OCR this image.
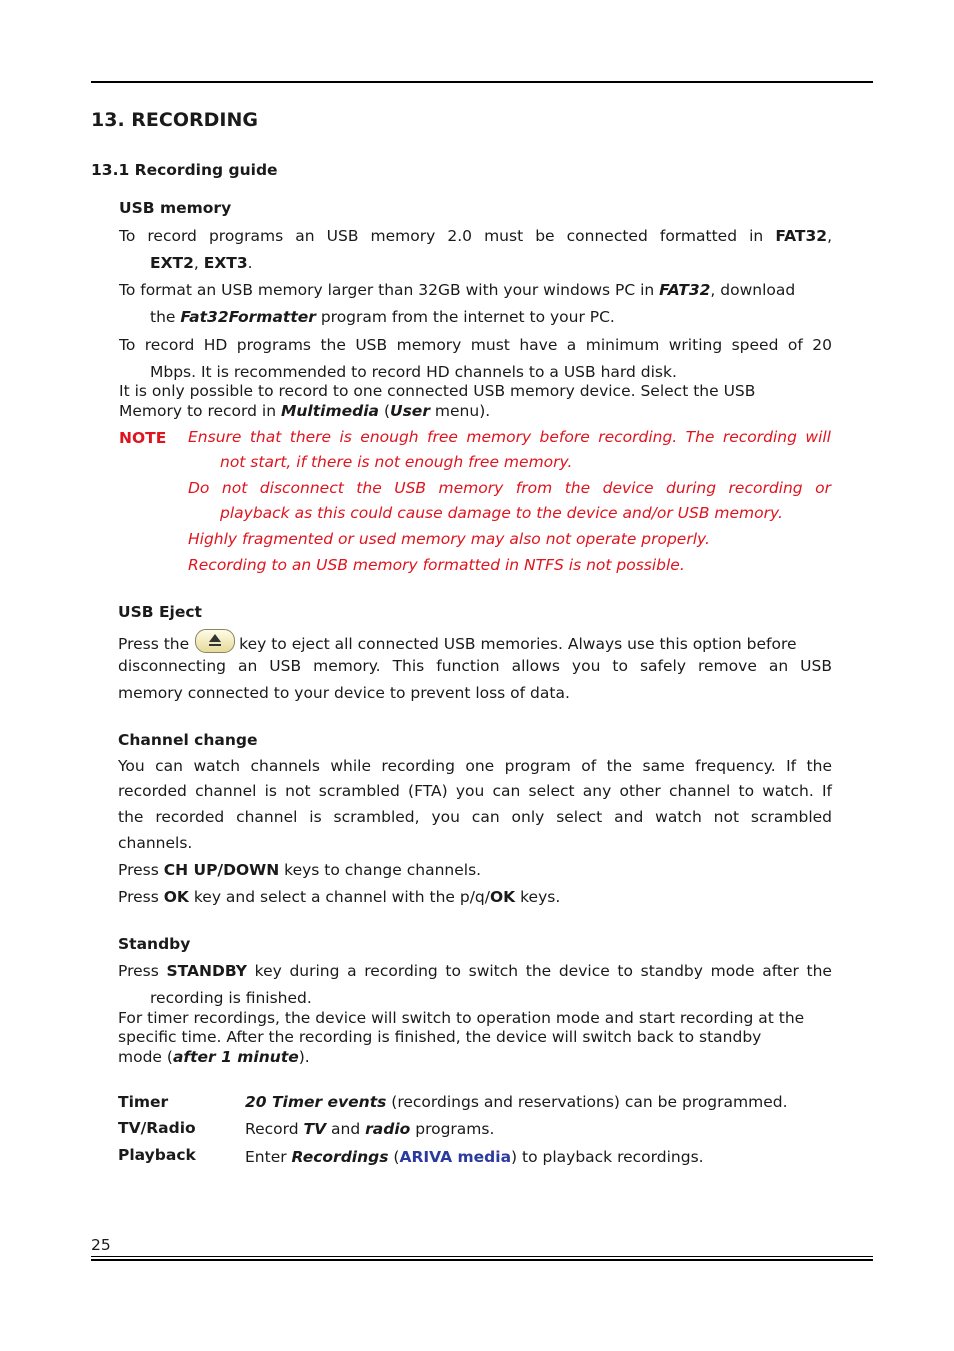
13. RECORDING
13.1 Recording guide
USB memory
To record programs an USB memory 2.0 must be connected formatted in FAT32,
EXT2, EXT3.
To format an USB memory larger than 32GB with your windows PC in FAT32, download
the Fat32Formatter program from the internet to your PC.
To record HD programs the USB memory must have a minimum writing speed of 20
Mbps. It is recommended to record HD channels to a USB hard disk.
It is only possible to record to one connected USB memory device. Select the USB
Memory to record in Multimedia (User menu).
NOTE Ensure that there is enough free memory before recording. The recording will
not start, if there is not enough free memory.
Do not disconnect the USB memory from the device during recording or
playback as this could cause damage to the device and/or USB memory.
Highly fragmented or used memory may also not operate properly.
Recording to an USB memory formatted in NTFS is not possible.
USB Eject
Press the	key to eject all connected USB memories. Always use this option before
disconnecting an USB memory. This function allows you to safely remove an USB
memory connected to your device to prevent loss of data.
Channel change
You can watch channels while recording one program of the same frequency. If the
recorded channel is not scrambled (FTA) you can select any other channel to watch. If
the recorded channel is scrambled, you can only select and watch not scrambled
channels.
Press CH UP/DOWN keys to change channels.
Press OK key and select a channel with the p/q/OK keys.
Standby
Press STANDBY key during a recording to switch the device to standby mode after the
recording is finished.
For timer recordings, the device will switch to operation mode and start recording at the
specific time. After the recording is finished, the device will switch back to standby
mode (after 1 minute).
Timer	20 Timer events (recordings and reservations) can be programmed.
TV/Radio	Record TV and radio programs.
Playback	Enter Recordings (ARIVA media) to playback recordings.
25
